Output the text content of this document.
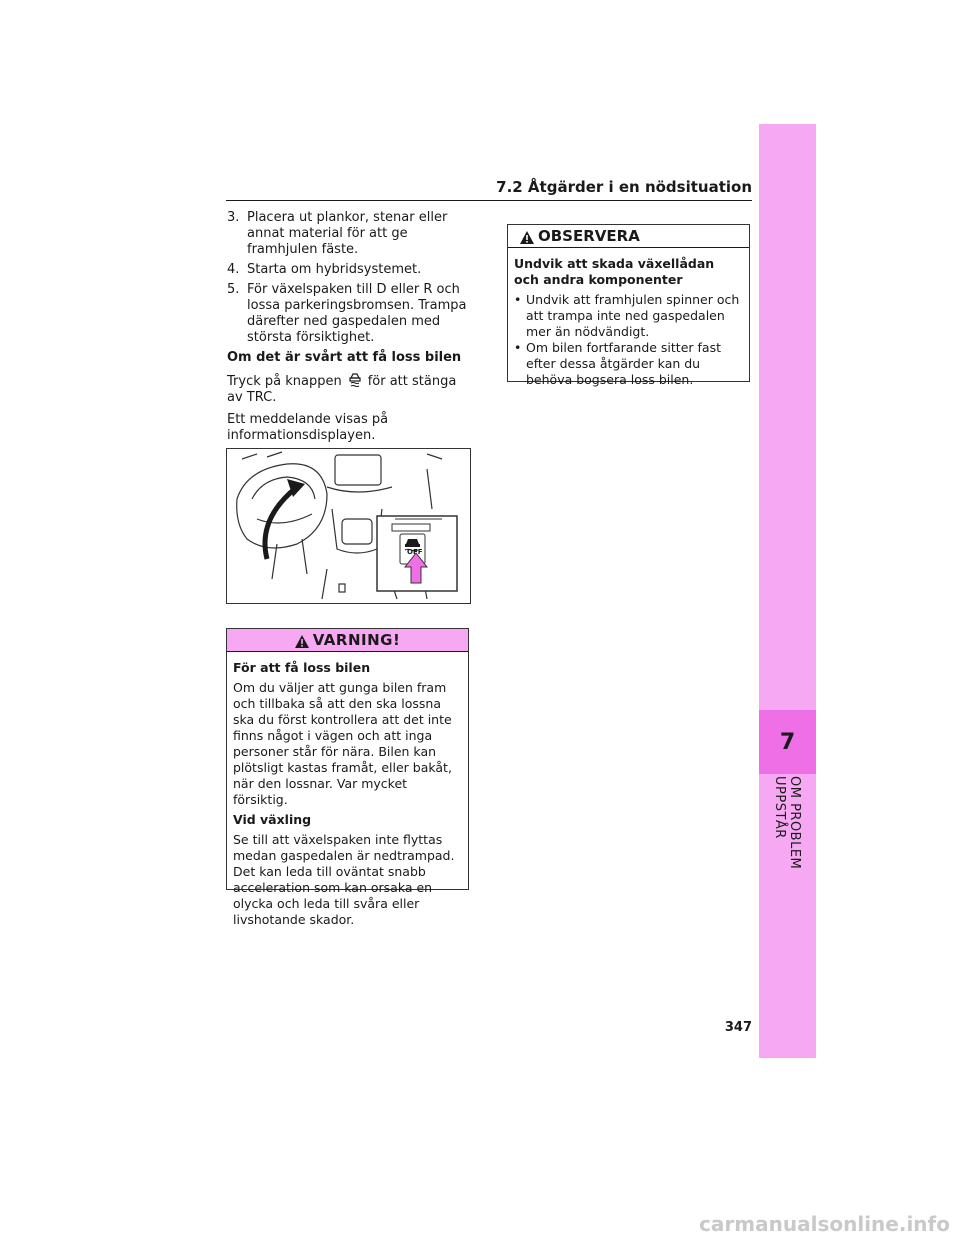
7
OM PROBLEM UPPSTÅR
7.2 Åtgärder i en nödsituation
3. Placera ut plankor, stenar eller annat material för att ge framhjulen fäste.
4. Starta om hybridsystemet.
5. För växelspaken till D eller R och lossa parkeringsbromsen. Trampa därefter ned gaspedalen med största försiktighet.

Om det är svårt att få loss bilen

Tryck på knappen för att stänga av TRC.

Ett meddelande visas på informationsdisplayen.

OFF
VARNING!

För att få loss bilen

Om du väljer att gunga bilen fram och tillbaka så att den ska lossna ska du först kontrollera att det inte finns något i vägen och att inga personer står för nära. Bilen kan plötsligt kastas framåt, eller bakåt, när den lossnar. Var mycket försiktig.

Vid växling

Se till att växelspaken inte flyttas medan gaspedalen är nedtrampad. Det kan leda till oväntat snabb acceleration som kan orsaka en olycka och leda till svåra eller livshotande skador.

OBSERVERA

Undvik att skada växellådan och andra komponenter

• Undvik att framhjulen spinner och att trampa inte ned gaspedalen mer än nödvändigt.
• Om bilen fortfarande sitter fast efter dessa åtgärder kan du behöva bogsera loss bilen.
347
carmanualsonline.info
